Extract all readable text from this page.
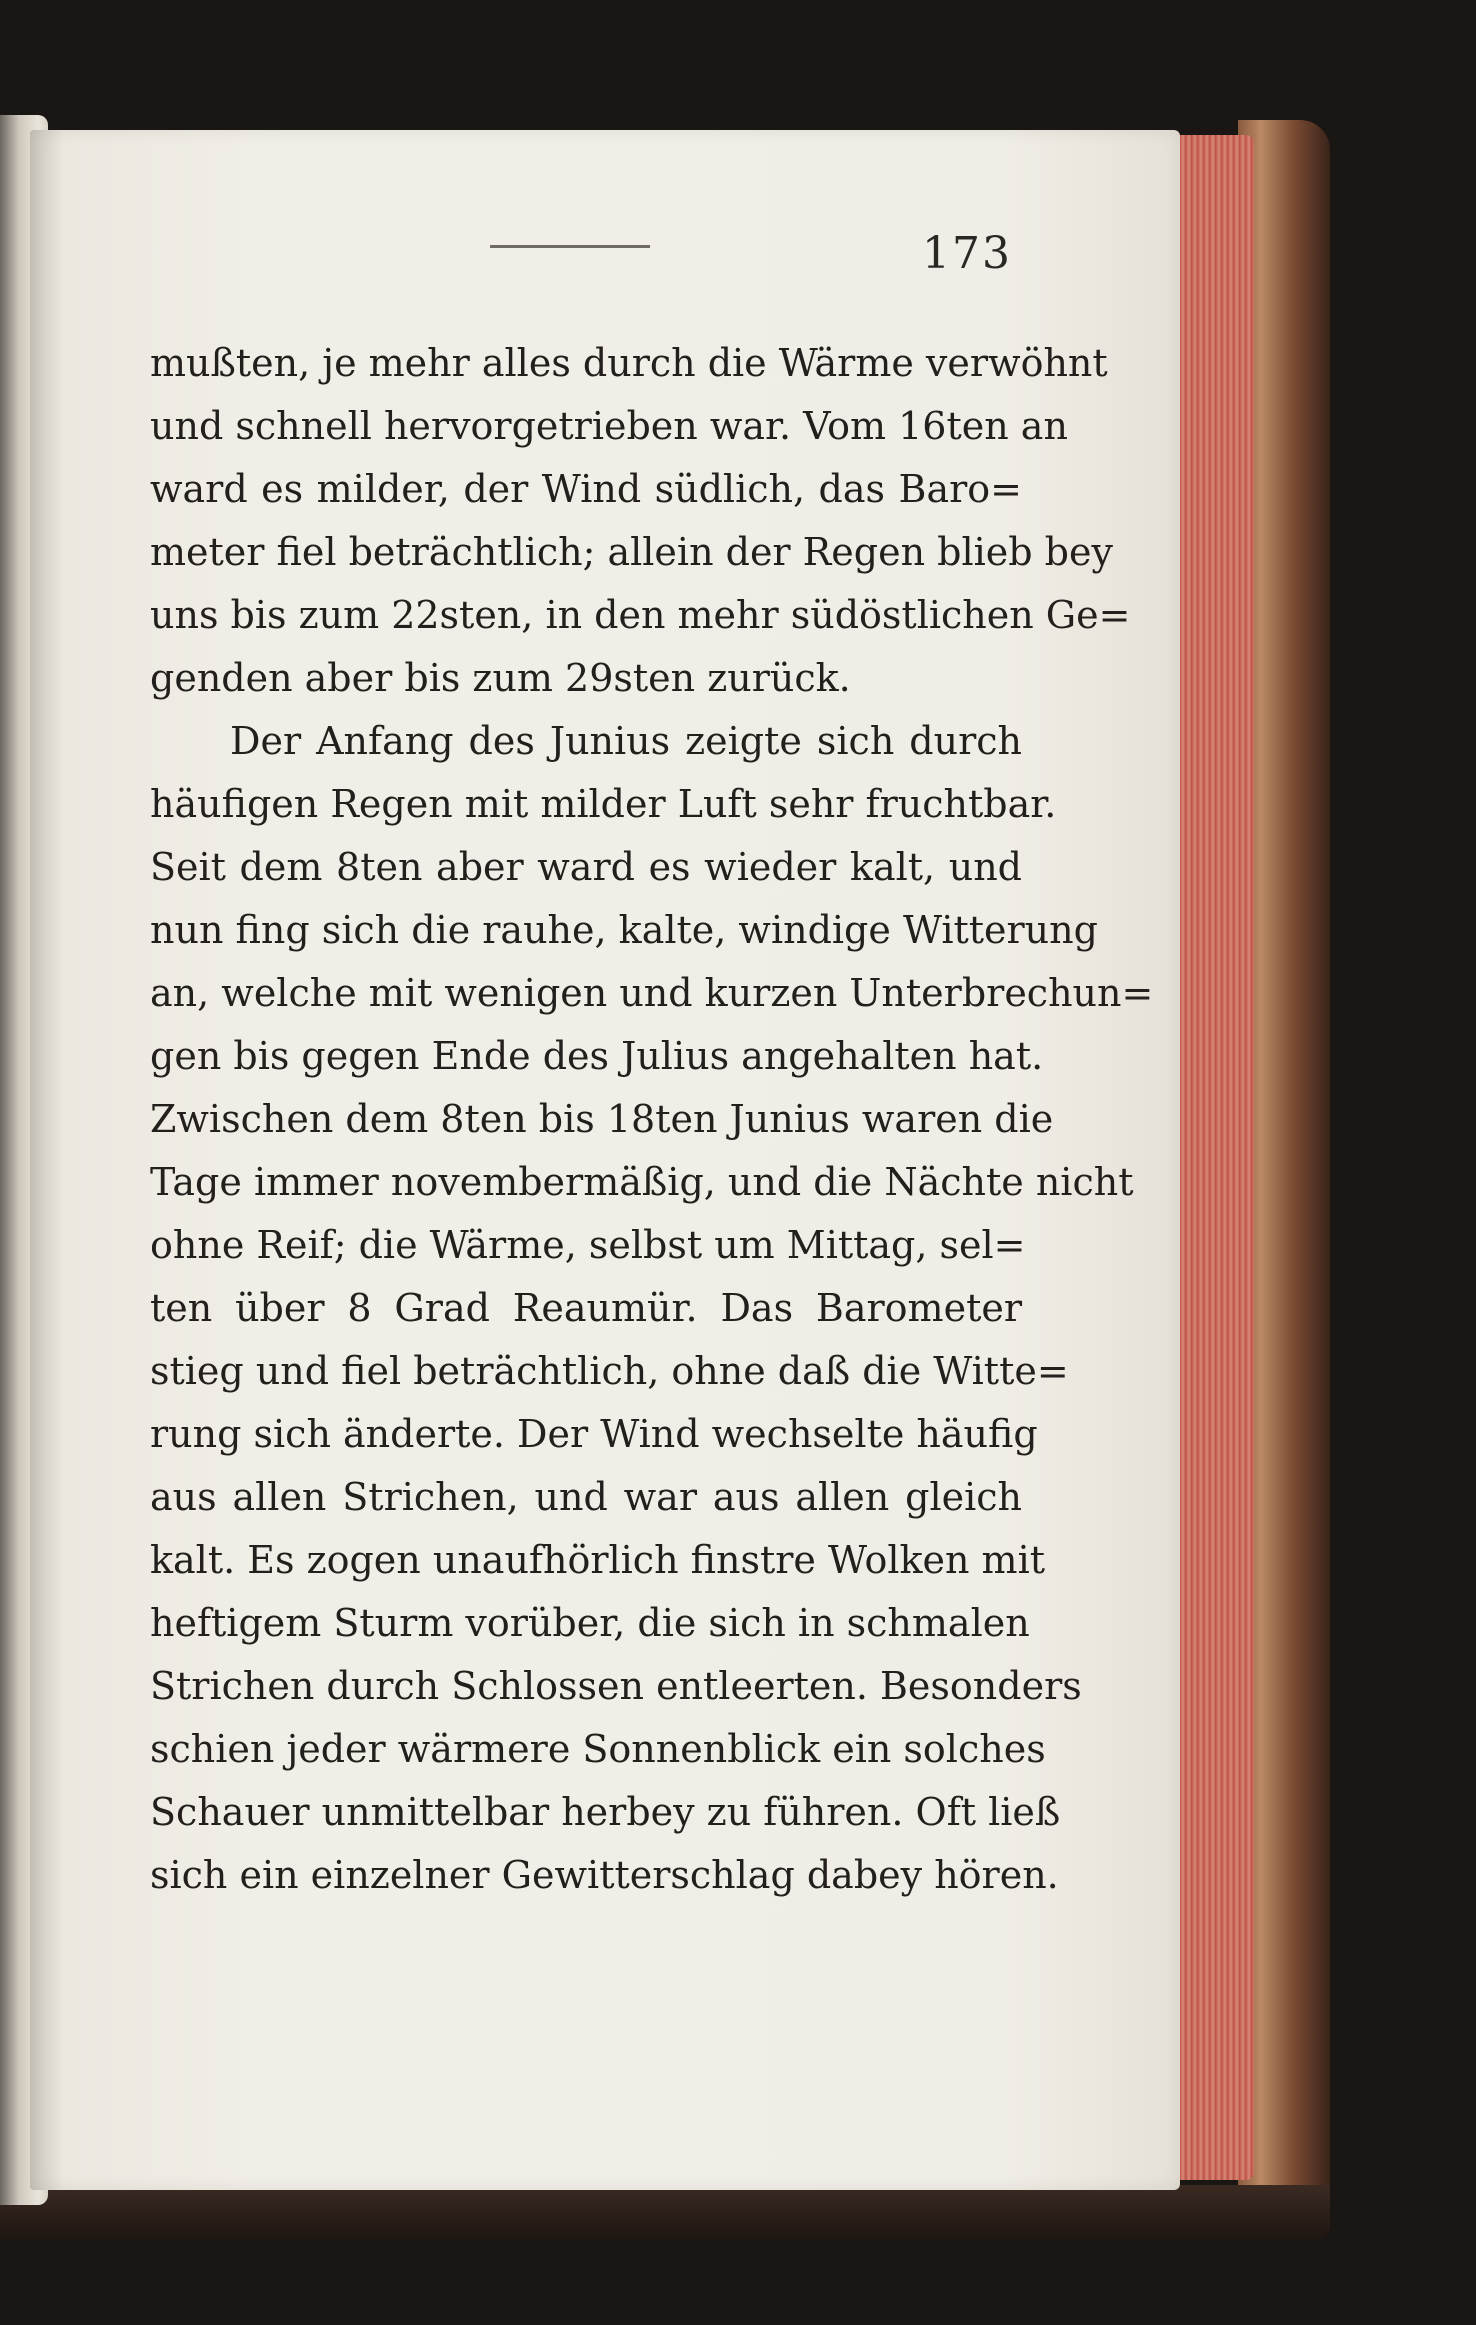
173
mußten, je mehr alles durch die Wärme verwöhnt
und schnell hervorgetrieben war. Vom 16ten an
ward es milder, der Wind südlich, das Baro=
meter fiel beträchtlich; allein der Regen blieb bey
uns bis zum 22sten, in den mehr südöstlichen Ge=
genden aber bis zum 29sten zurück.
Der Anfang des Junius zeigte sich durch
häufigen Regen mit milder Luft sehr fruchtbar.
Seit dem 8ten aber ward es wieder kalt, und
nun fing sich die rauhe, kalte, windige Witterung
an, welche mit wenigen und kurzen Unterbrechun=
gen bis gegen Ende des Julius angehalten hat.
Zwischen dem 8ten bis 18ten Junius waren die
Tage immer novembermäßig, und die Nächte nicht
ohne Reif; die Wärme, selbst um Mittag, sel=
ten über 8 Grad Reaumür. Das Barometer
stieg und fiel beträchtlich, ohne daß die Witte=
rung sich änderte. Der Wind wechselte häufig
aus allen Strichen, und war aus allen gleich
kalt. Es zogen unaufhörlich finstre Wolken mit
heftigem Sturm vorüber, die sich in schmalen
Strichen durch Schlossen entleerten. Besonders
schien jeder wärmere Sonnenblick ein solches
Schauer unmittelbar herbey zu führen. Oft ließ
sich ein einzelner Gewitterschlag dabey hören.
